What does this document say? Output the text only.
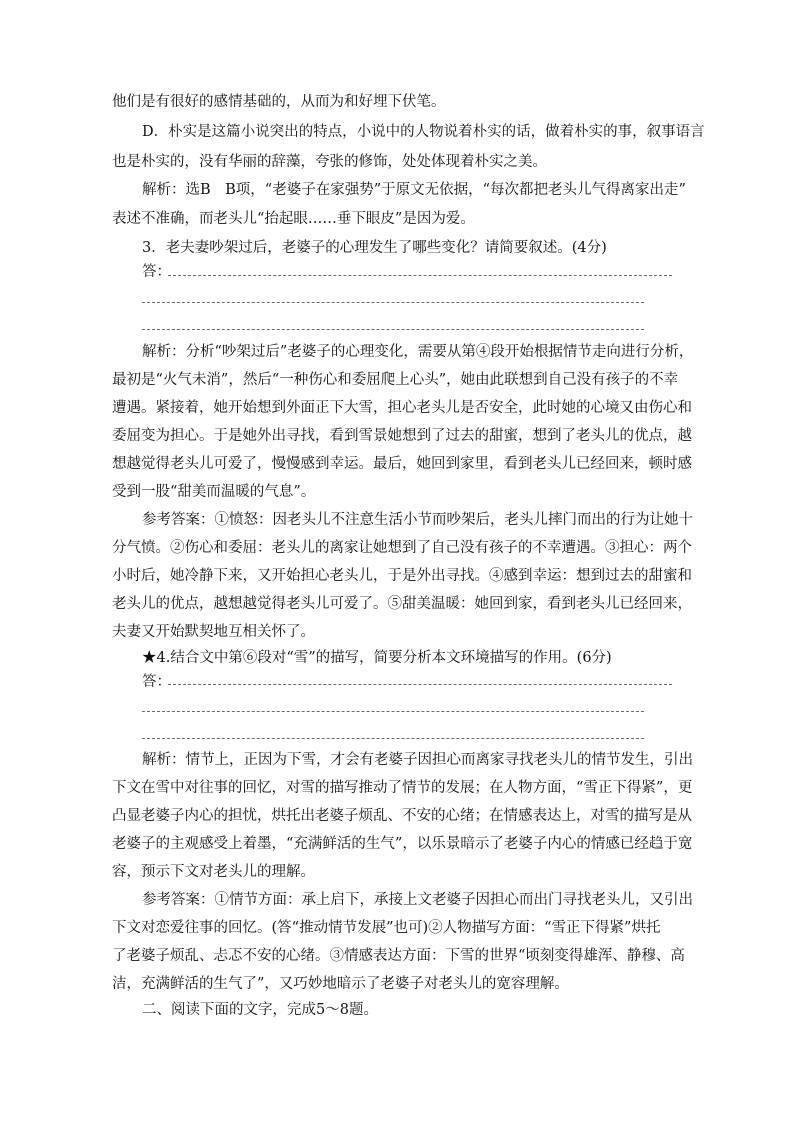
他们是有很好的感情基础的，从而为和好埋下伏笔。
D．朴实是这篇小说突出的特点，小说中的人物说着朴实的话，做着朴实的事，叙事语言
也是朴实的，没有华丽的辞藻，夸张的修饰，处处体现着朴实之美。
解析：选B　B项，“老婆子在家强势”于原文无依据，“每次都把老头儿气得离家出走”
表述不准确，而老头儿“抬起眼……垂下眼皮”是因为爱。
3．老夫妻吵架过后，老婆子的心理发生了哪些变化？请简要叙述。(4分)
答：
解析：分析“吵架过后”老婆子的心理变化，需要从第④段开始根据情节走向进行分析，
最初是“火气未消”，然后“一种伤心和委屈爬上心头”，她由此联想到自己没有孩子的不幸
遭遇。紧接着，她开始想到外面正下大雪，担心老头儿是否安全，此时她的心境又由伤心和
委屈变为担心。于是她外出寻找，看到雪景她想到了过去的甜蜜，想到了老头儿的优点，越
想越觉得老头儿可爱了，慢慢感到幸运。最后，她回到家里，看到老头儿已经回来，顿时感
受到一股“甜美而温暖的气息”。
参考答案：①愤怒：因老头儿不注意生活小节而吵架后，老头儿摔门而出的行为让她十
分气愤。②伤心和委屈：老头儿的离家让她想到了自己没有孩子的不幸遭遇。③担心：两个
小时后，她冷静下来，又开始担心老头儿，于是外出寻找。④感到幸运：想到过去的甜蜜和
老头儿的优点，越想越觉得老头儿可爱了。⑤甜美温暖：她回到家，看到老头儿已经回来，
夫妻又开始默契地互相关怀了。
★4.结合文中第⑥段对“雪”的描写，简要分析本文环境描写的作用。(6分)
答：
解析：情节上，正因为下雪，才会有老婆子因担心而离家寻找老头儿的情节发生，引出
下文在雪中对往事的回忆，对雪的描写推动了情节的发展；在人物方面，“雪正下得紧”，更
凸显老婆子内心的担忧，烘托出老婆子烦乱、不安的心绪；在情感表达上，对雪的描写是从
老婆子的主观感受上着墨，“充满鲜活的生气”，以乐景暗示了老婆子内心的情感已经趋于宽
容，预示下文对老头儿的理解。
参考答案：①情节方面：承上启下，承接上文老婆子因担心而出门寻找老头儿，又引出
下文对恋爱往事的回忆。(答“推动情节发展”也可)②人物描写方面：“雪正下得紧”烘托
了老婆子烦乱、忐忑不安的心绪。③情感表达方面：下雪的世界“顷刻变得雄浑、静穆、高
洁，充满鲜活的生气了”，又巧妙地暗示了老婆子对老头儿的宽容理解。
二、阅读下面的文字，完成5～8题。
